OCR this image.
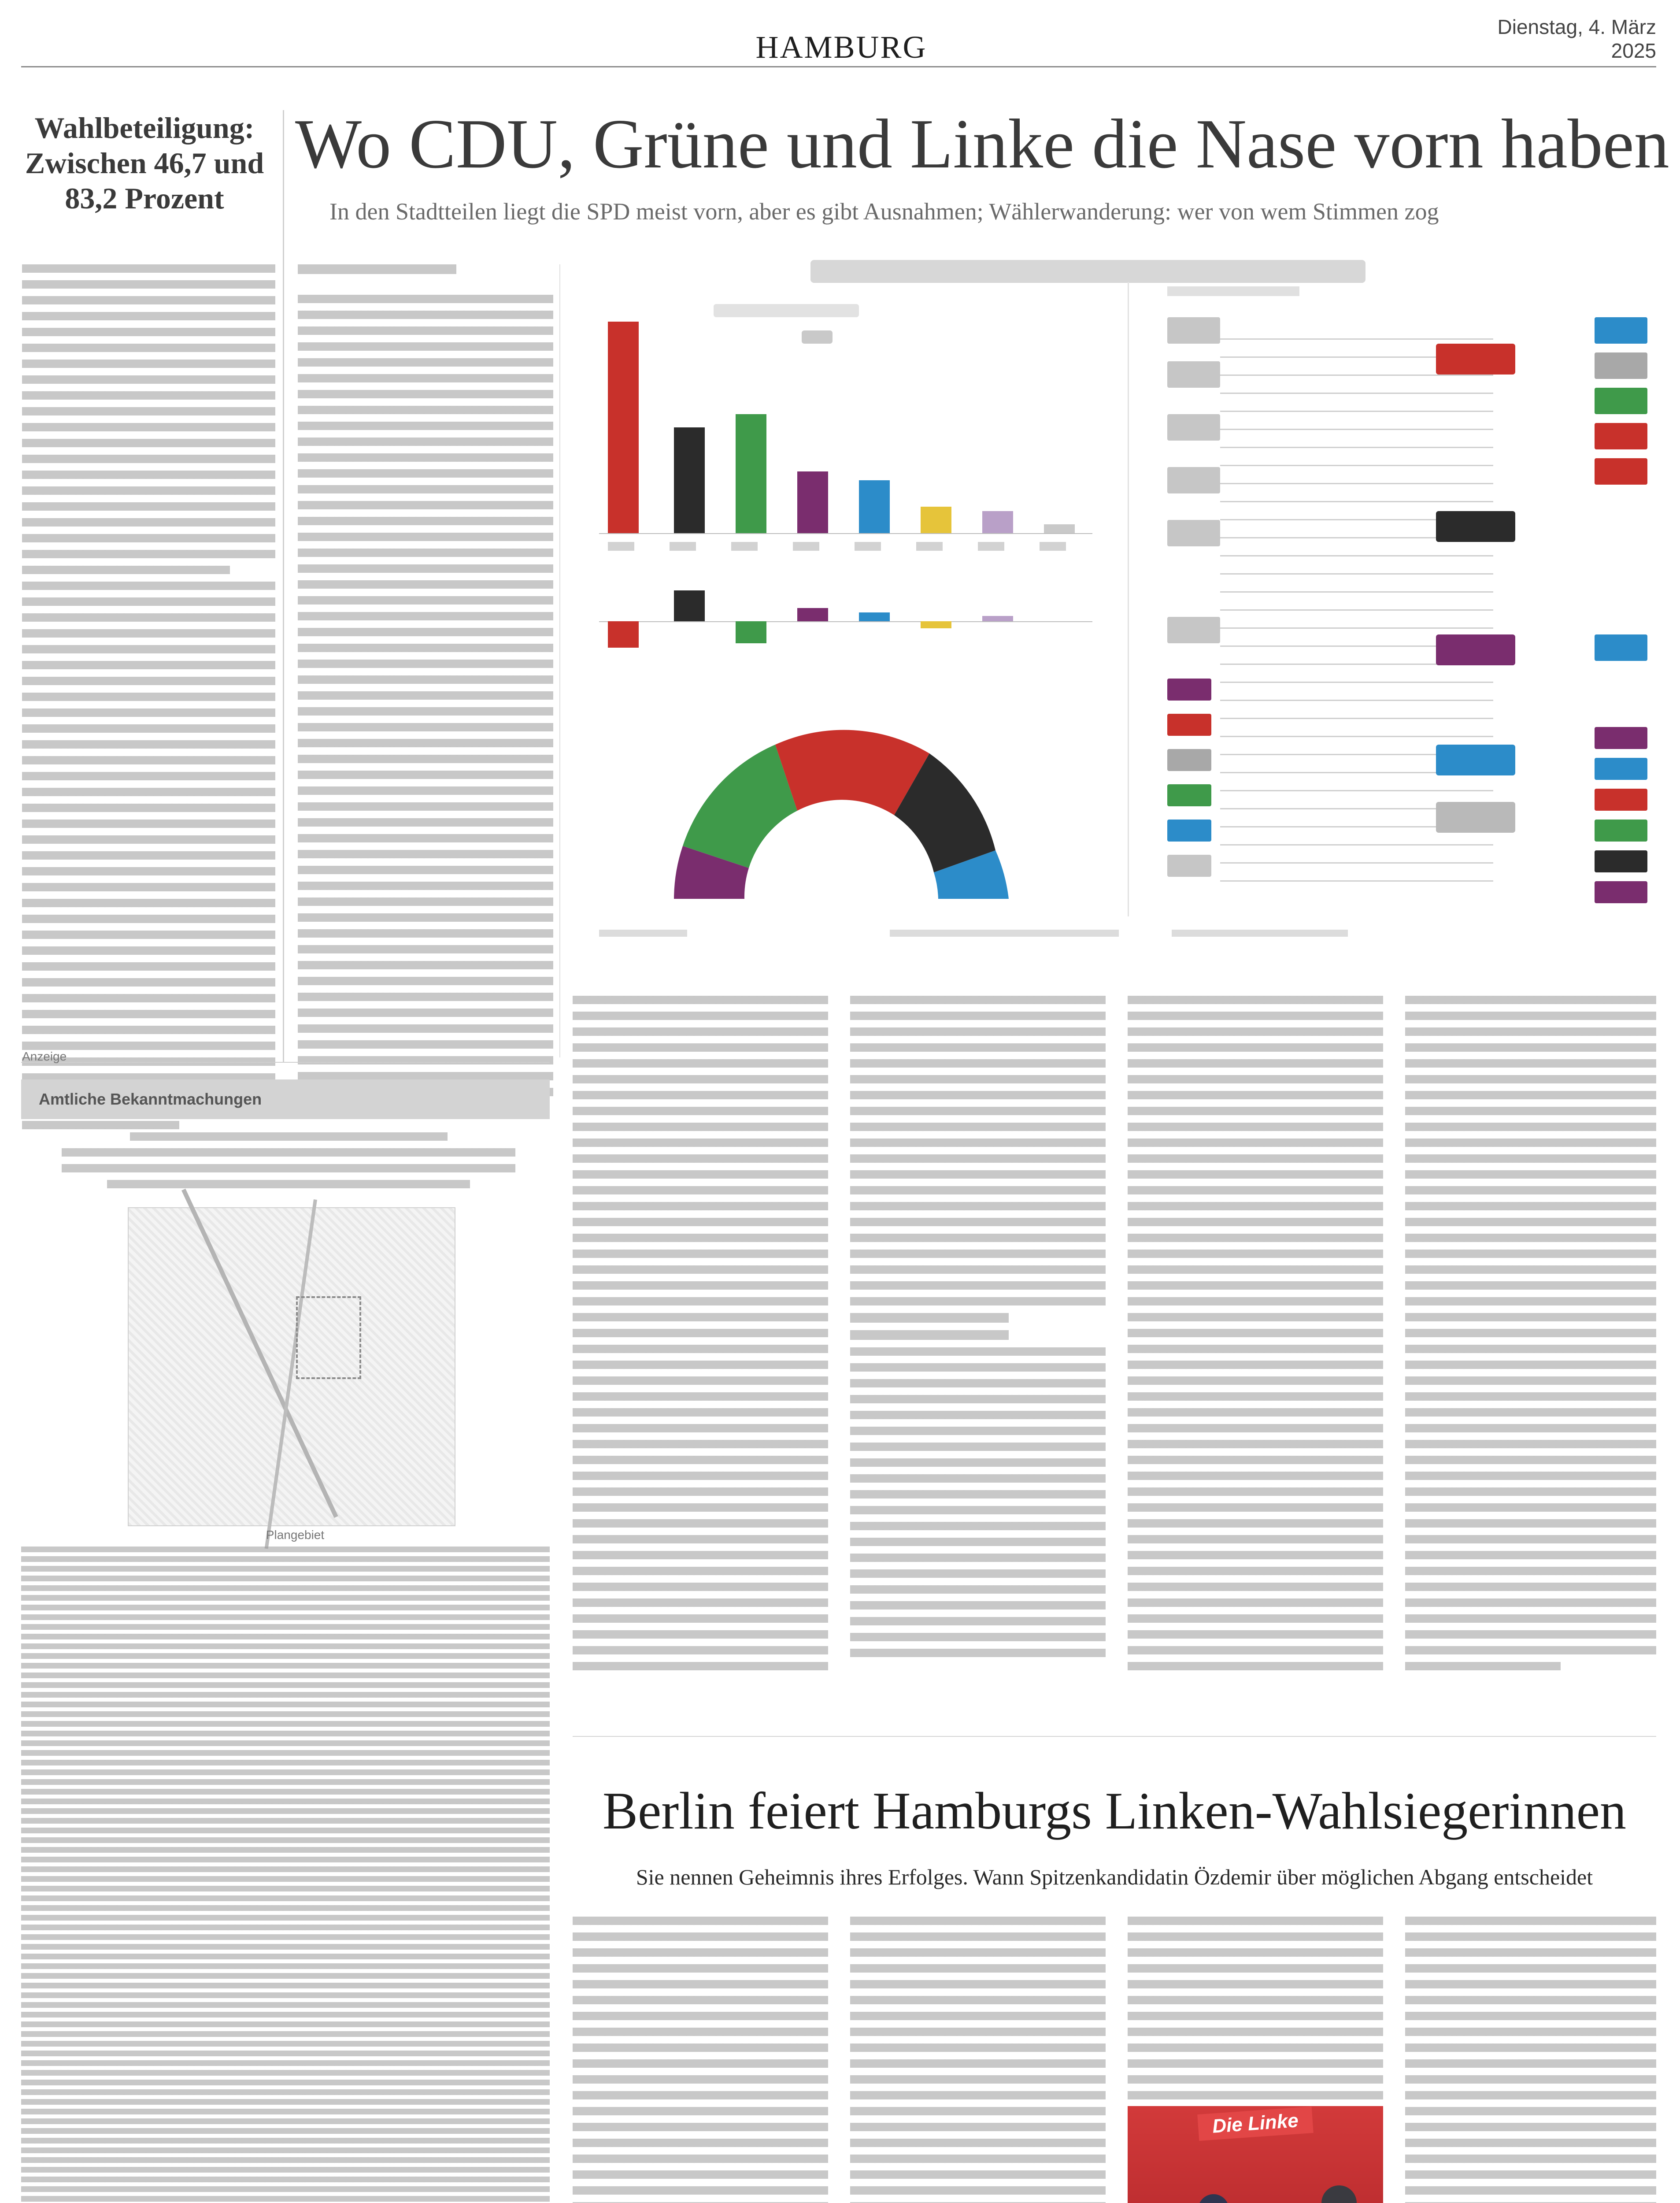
HAMBURG
Dienstag, 4. März 2025
Wahlbeteiligung: Zwischen 46,7 und 83,2 Prozent
Wo CDU, Grüne und Linke die Nase vorn haben
In den Stadtteilen liegt die SPD meist vorn, aber es gibt Ausnahmen; Wählerwanderung: wer von wem Stimmen zog
Anzeige
Amtliche Bekanntmachungen
Plangebiet
Berlin feiert Hamburgs Linken-Wahlsiegerinnen
Sie nennen Geheimnis ihres Erfolges. Wann Spitzenkandidatin Özdemir über möglichen Abgang entscheidet
Die Linke
